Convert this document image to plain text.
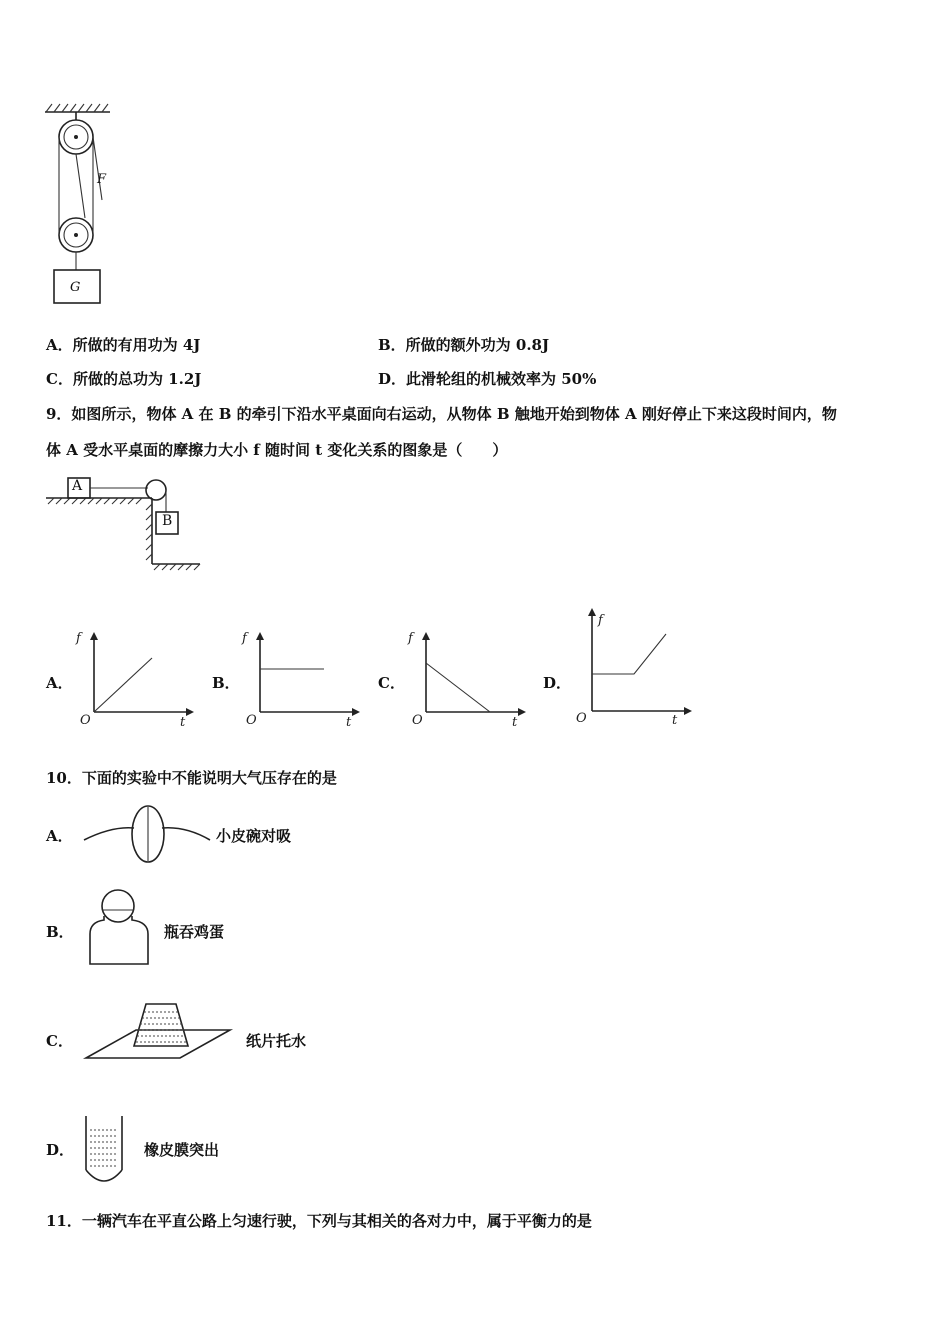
F
G
A．所做的有用功为 4J	B．所做的额外功为 0.8J
C．所做的总功为 1.2J	D．此滑轮组的机械效率为 50%
9．如图所示，物体 A 在 B 的牵引下沿水平桌面向右运动，从物体 B 触地开始到物体 A 刚好停止下来这段时间内，物
体 A 受水平桌面的摩擦力大小 f 随时间 t 变化关系的图象是（　　）
A
B
A．
f
t
O
B．
f
t
O
C．
f
t
O
D．
f
t
O
10．下面的实验中不能说明大气压存在的是
A．	小皮碗对吸
B．	瓶吞鸡蛋
C．	纸片托水
D．	橡皮膜突出
11．一辆汽车在平直公路上匀速行驶，下列与其相关的各对力中，属于平衡力的是
